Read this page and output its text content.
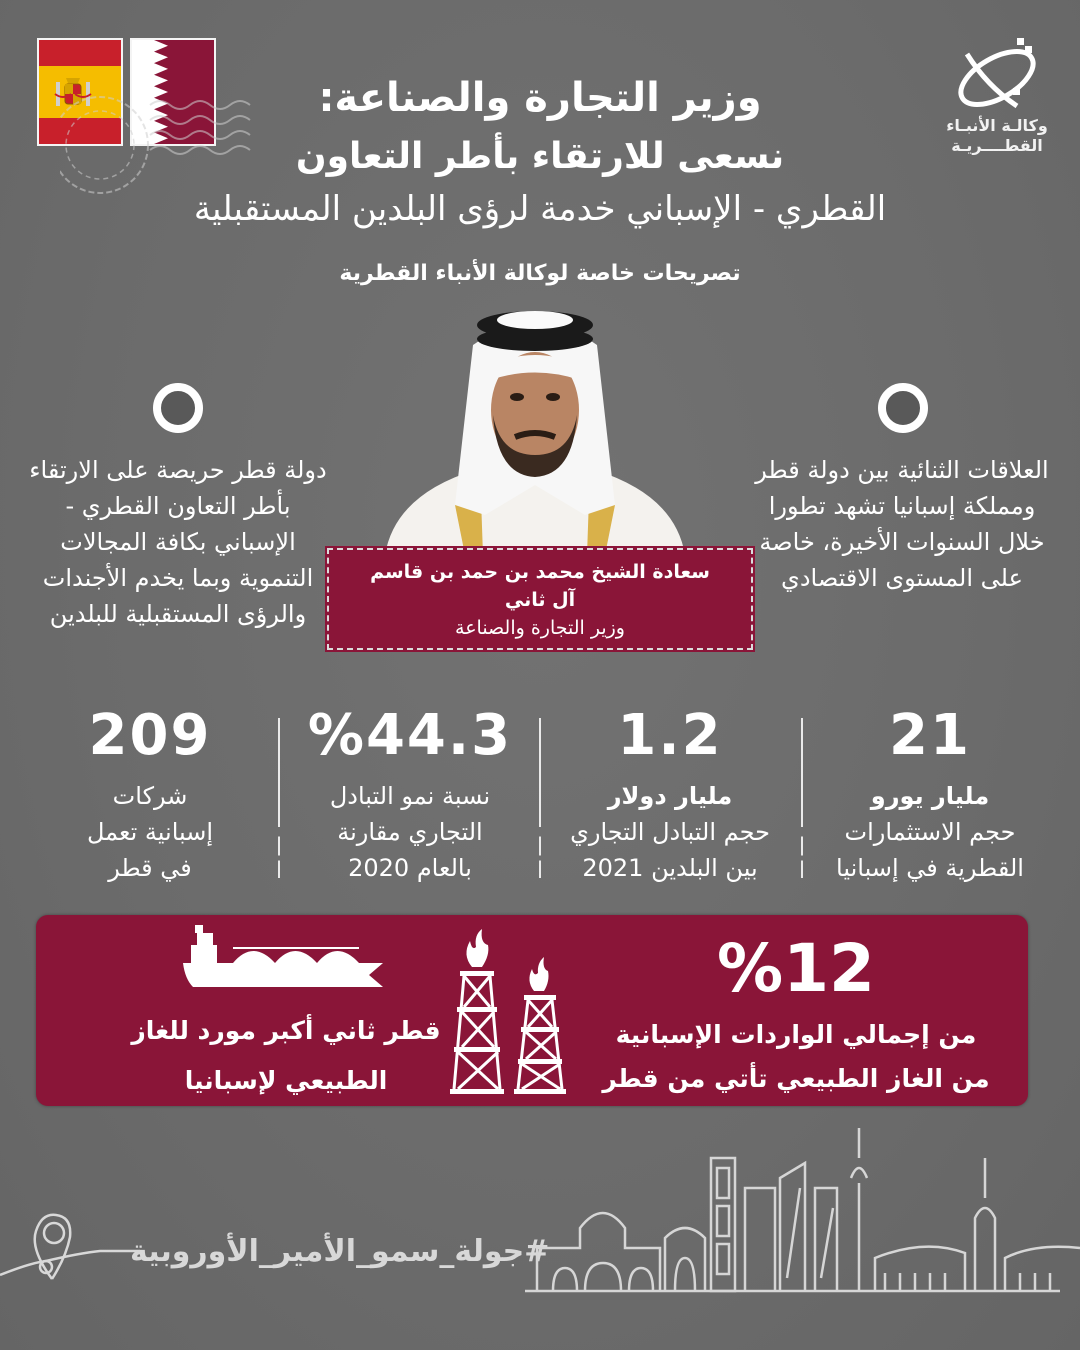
وكالـة الأنبـاء
القطــــريـة
وزير التجارة والصناعة:
نسعى للارتقاء بأطر التعاون
القطري - الإسباني خدمة لرؤى البلدين المستقبلية
تصريحات خاصة لوكالة الأنباء القطرية
سعادة الشيخ محمد بن حمد بن قاسم
آل ثاني
وزير التجارة والصناعة
دولة قطر حريصة على الارتقاء بأطر التعاون القطري - الإسباني بكافة المجالات التنموية وبما يخدم الأجندات والرؤى المستقبلية للبلدين
العلاقات الثنائية بين دولة قطر ومملكة إسبانيا تشهد تطورا خلال السنوات الأخيرة، خاصة على المستوى الاقتصادي
21
مليار يورو
حجم الاستثمارات
القطرية في إسبانيا
1.2
مليار دولار
حجم التبادل التجاري
بين البلدين 2021
%44.3
نسبة نمو التبادل
التجاري مقارنة
بالعام 2020
209
شركات
إسبانية تعمل
في قطر
قطر ثاني أكبر مورد للغاز
الطبيعي لإسبانيا
%12
من إجمالي الواردات الإسبانية
من الغاز الطبيعي تأتي من قطر
#جولة_سمو_الأمير_الأوروبية
